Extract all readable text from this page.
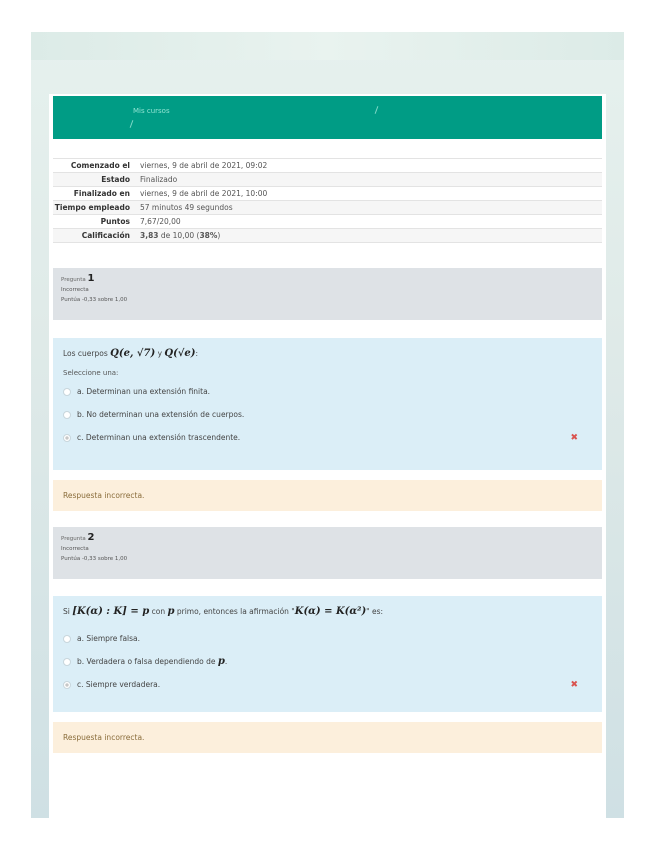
Mis cursos
Comenzado el	viernes, 9 de abril de 2021, 09:02
Estado	Finalizado
Finalizado en	viernes, 9 de abril de 2021, 10:00
Tiempo empleado	57 minutos 49 segundos
Puntos	7,67/20,00
Calificación	3,83 de 10,00 (38%)
Pregunta 1
Incorrecta
Puntúa -0,33 sobre 1,00
Los cuerpos Q(e, √7) y Q(√e):
Seleccione una:
a. Determinan una extensión finita.
b. No determinan una extensión de cuerpos.
c. Determinan una extensión trascendente.	✖
Respuesta incorrecta.
Pregunta 2
Incorrecta
Puntúa -0,33 sobre 1,00
Si [K(α) : K] = p con p primo, entonces la afirmación "K(α) = K(α²)" es:
a. Siempre falsa.
b. Verdadera o falsa dependiendo de p.
c. Siempre verdadera.	✖
Respuesta incorrecta.
